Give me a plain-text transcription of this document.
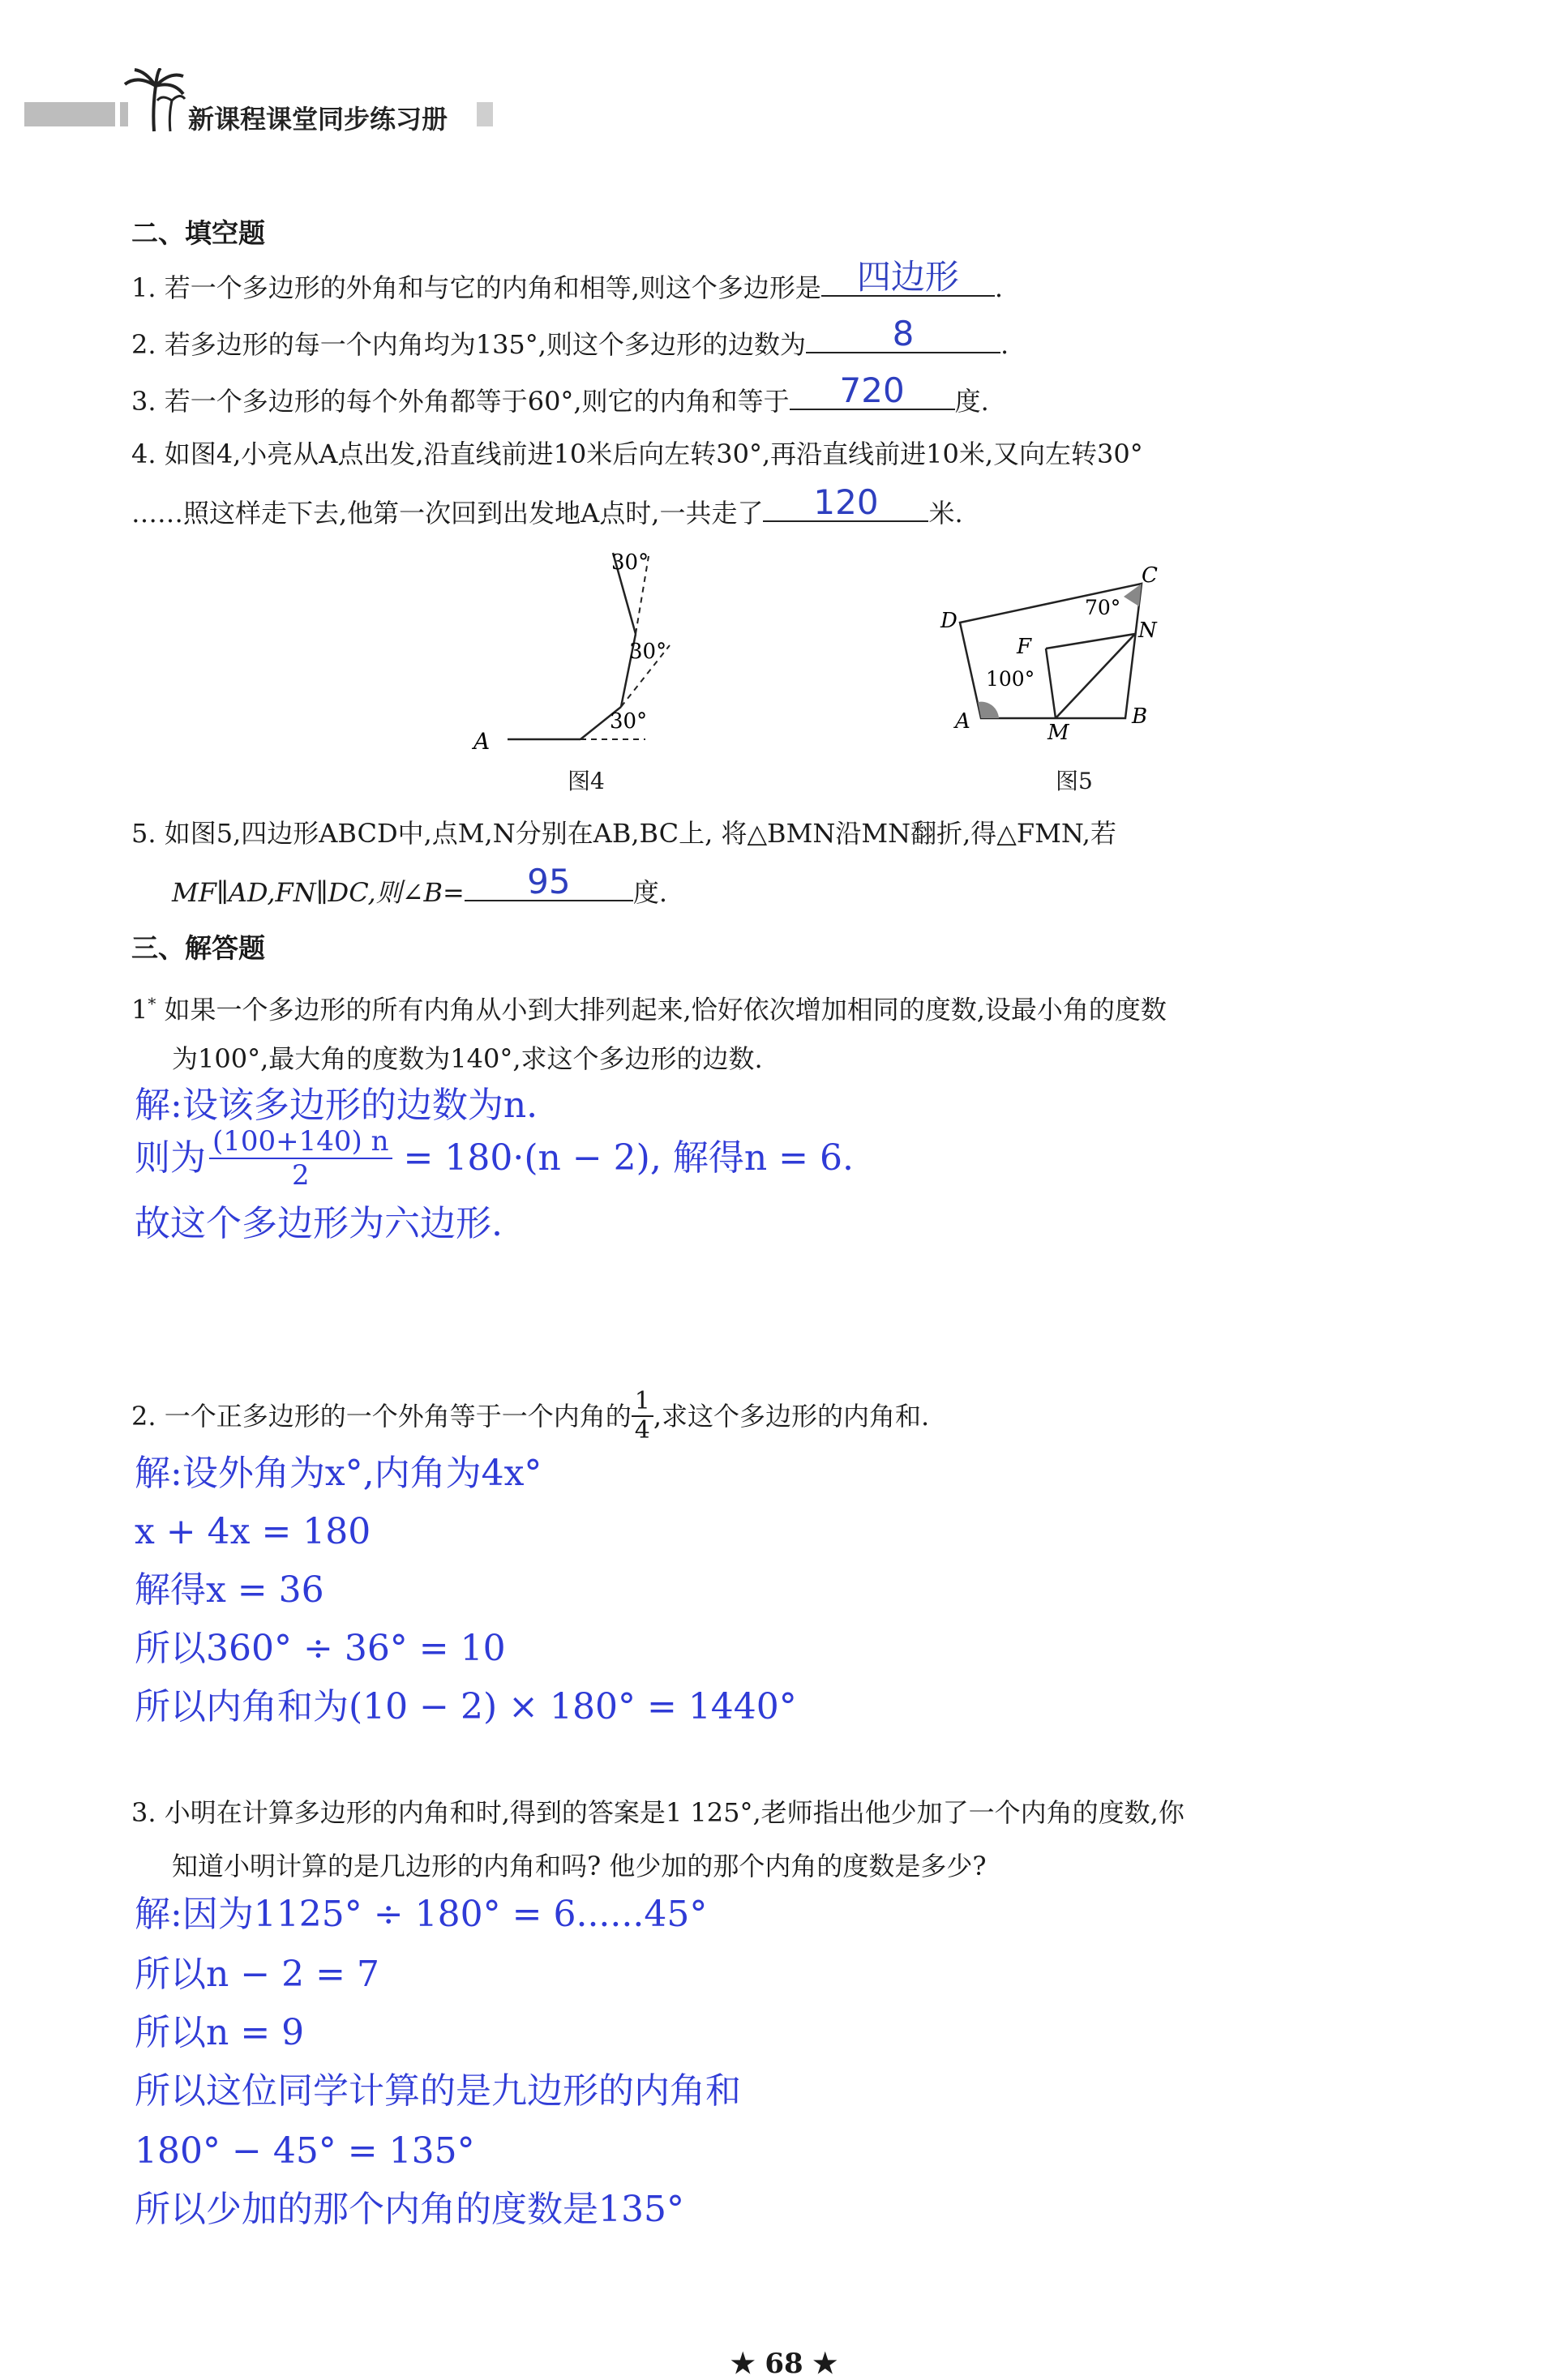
新课程课堂同步练习册
二、填空题
1. 若一个多边形的外角和与它的内角和相等,则这个多边形是	四边形	.
2. 若多边形的每一个内角均为135°,则这个多边形的边数为	8	.
3. 若一个多边形的每个外角都等于60°,则它的内角和等于	720	度.
4. 如图4,小亮从A点出发,沿直线前进10米后向左转30°,再沿直线前进10米,又向左转30°
……照这样走下去,他第一次回到出发地A点时,一共走了	120	米.
A
30°
30°
30°
图4
C
D
F
N
A	M
B
70°
100°
图5
5. 如图5,四边形ABCD中,点M,N分别在AB,BC上, 将△BMN沿MN翻折,得△FMN,若
MF∥AD,FN∥DC,则∠B=	95	度.
三、解答题
1* 如果一个多边形的所有内角从小到大排列起来,恰好依次增加相同的度数,设最小角的度数
为100°,最大角的度数为140°,求这个多边形的边数.
解:设该多边形的边数为n.
则为 $\frac{(100+140) n}{2} = 180\cdot(n - 2)$, 解得n = 6.
故这个多边形为六边形.
2. 一个正多边形的一个外角等于一个内角的 $\frac{1}{4}$ ,求这个多边形的内角和.
解:设外角为x°,内角为4x°
x + 4x = 180
解得x = 36
所以360° ÷ 36° = 10
所以内角和为(10 − 2) × 180° = 1440°
3. 小明在计算多边形的内角和时,得到的答案是1 125°,老师指出他少加了一个内角的度数,你
知道小明计算的是几边形的内角和吗? 他少加的那个内角的度数是多少?
解:因为1125° ÷ 180° = 6......45°
所以n − 2 = 7
所以n = 9
所以这位同学计算的是九边形的内角和
180° − 45° = 135°
所以少加的那个内角的度数是135°
★ 68 ★
